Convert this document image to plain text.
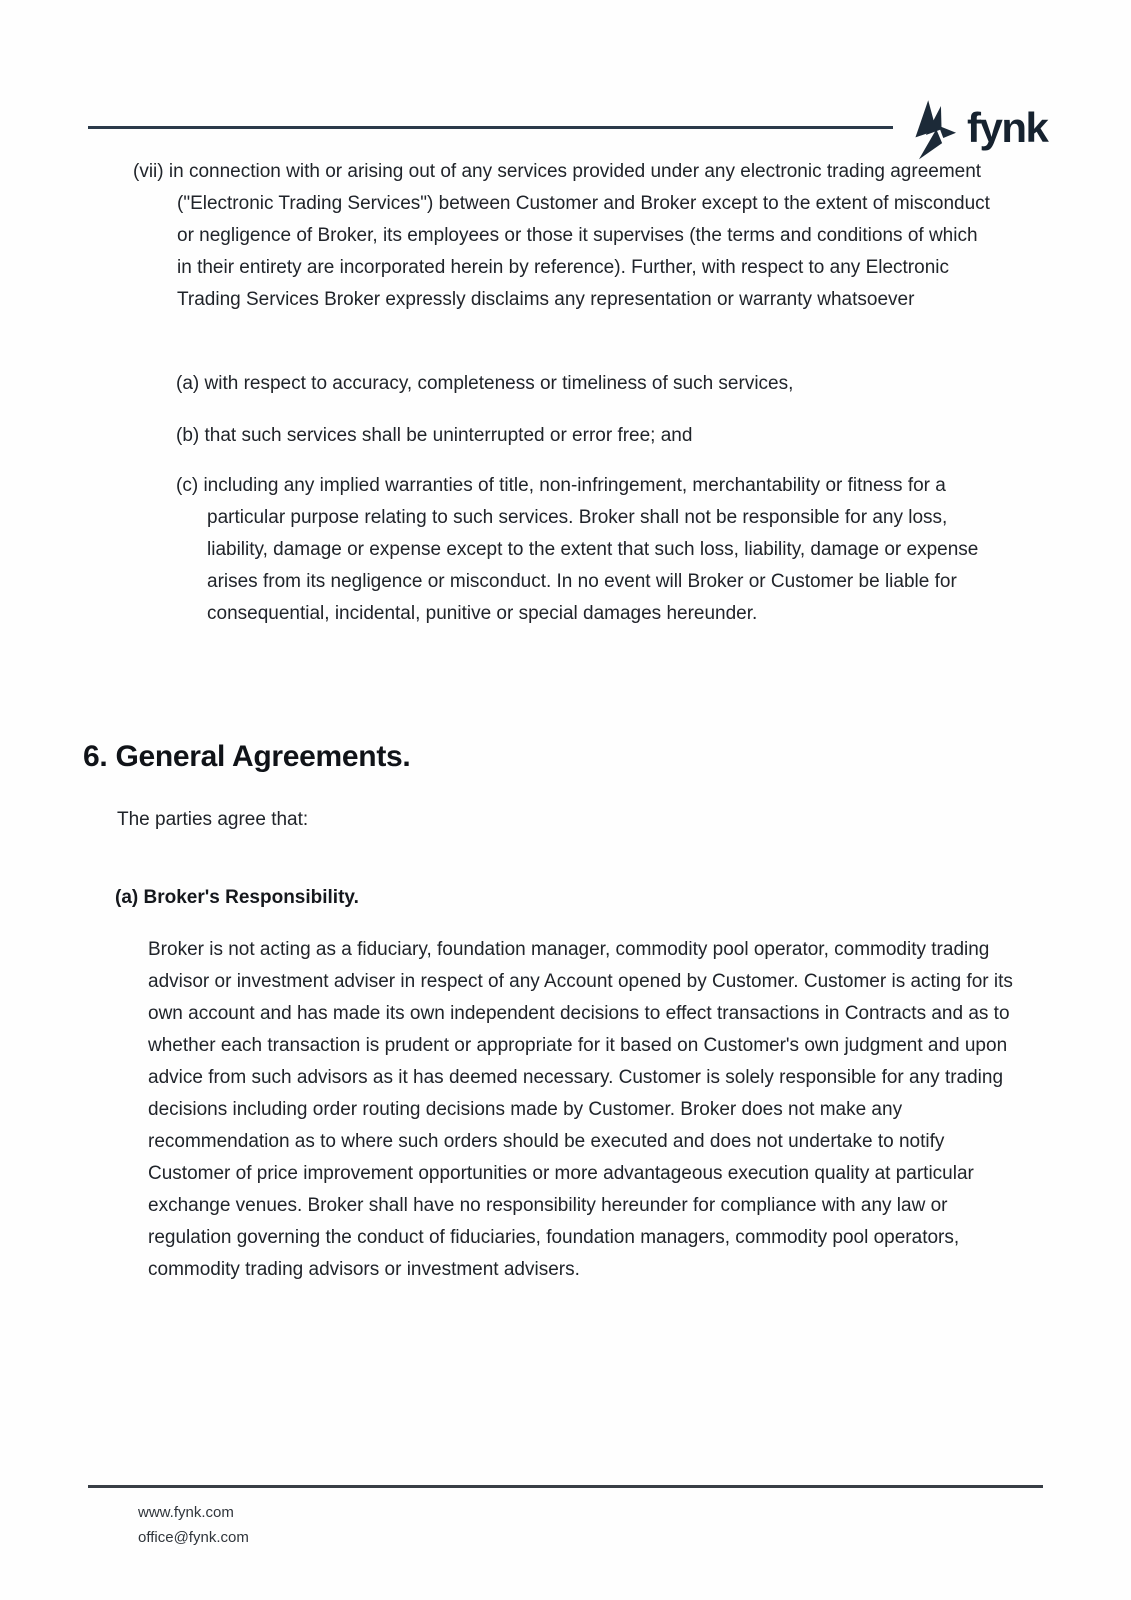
fynk
(vii) in connection with or arising out of any services provided under any electronic trading agreement ("Electronic Trading Services") between Customer and Broker except to the extent of misconduct or negligence of Broker, its employees or those it supervises (the terms and conditions of which in their entirety are incorporated herein by reference). Further, with respect to any Electronic Trading Services Broker expressly disclaims any representation or warranty whatsoever
(a) with respect to accuracy, completeness or timeliness of such services,
(b) that such services shall be uninterrupted or error free; and
(c) including any implied warranties of title, non-infringement, merchantability or fitness for a particular purpose relating to such services. Broker shall not be responsible for any loss, liability, damage or expense except to the extent that such loss, liability, damage or expense arises from its negligence or misconduct. In no event will Broker or Customer be liable for consequential, incidental, punitive or special damages hereunder.
6. General Agreements.
The parties agree that:
(a) Broker's Responsibility.
Broker is not acting as a fiduciary, foundation manager, commodity pool operator, commodity trading advisor or investment adviser in respect of any Account opened by Customer. Customer is acting for its own account and has made its own independent decisions to effect transactions in Contracts and as to whether each transaction is prudent or appropriate for it based on Customer's own judgment and upon advice from such advisors as it has deemed necessary. Customer is solely responsible for any trading decisions including order routing decisions made by Customer. Broker does not make any recommendation as to where such orders should be executed and does not undertake to notify Customer of price improvement opportunities or more advantageous execution quality at particular exchange venues. Broker shall have no responsibility hereunder for compliance with any law or regulation governing the conduct of fiduciaries, foundation managers, commodity pool operators, commodity trading advisors or investment advisers.
www.fynk.com
office@fynk.com
